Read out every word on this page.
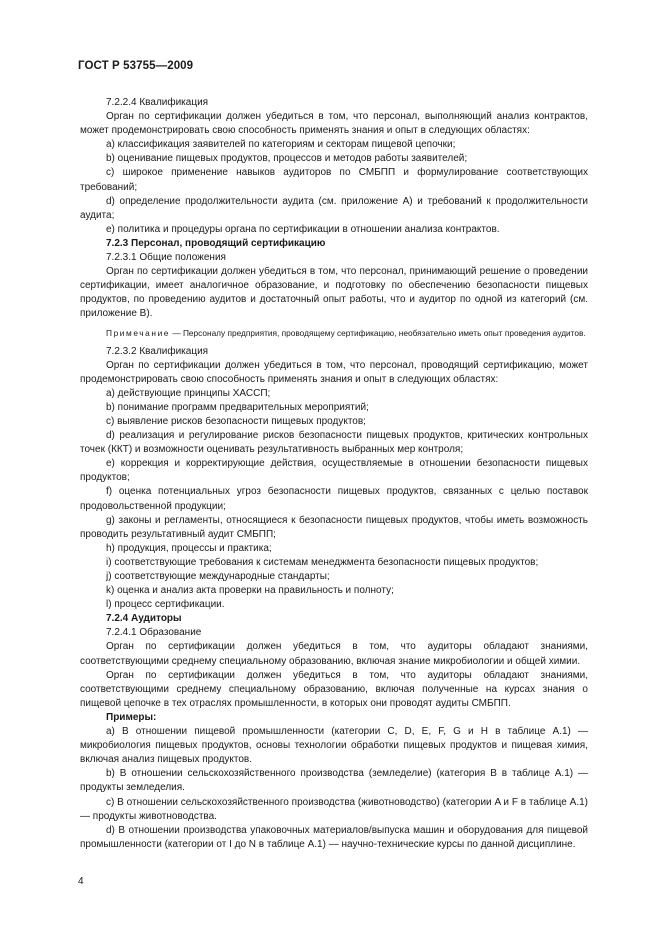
ГОСТ Р 53755—2009

7.2.2.4 Квалификация

Орган по сертификации должен убедиться в том, что персонал, выполняющий анализ контрактов, может продемонстрировать свою способность применять знания и опыт в следующих областях:

a) классификация заявителей по категориям и секторам пищевой цепочки;

b) оценивание пищевых продуктов, процессов и методов работы заявителей;

c) широкое применение навыков аудиторов по СМБПП и формулирование соответствующих требований;

d) определение продолжительности аудита (см. приложение А) и требований к продолжительности аудита;

e) политика и процедуры органа по сертификации в отношении анализа контрактов.

7.2.3 Персонал, проводящий сертификацию

7.2.3.1 Общие положения

Орган по сертификации должен убедиться в том, что персонал, принимающий решение о проведении сертификации, имеет аналогичное образование, и подготовку по обеспечению безопасности пищевых продуктов, по проведению аудитов и достаточный опыт работы, что и аудитор по одной из категорий (см. приложение В).

Примечание — Персоналу предприятия, проводящему сертификацию, необязательно иметь опыт проведения аудитов.

7.2.3.2 Квалификация

Орган по сертификации должен убедиться в том, что персонал, проводящий сертификацию, может продемонстрировать свою способность применять знания и опыт в следующих областях:

a) действующие принципы ХАССП;

b) понимание программ предварительных мероприятий;

c) выявление рисков безопасности пищевых продуктов;

d) реализация и регулирование рисков безопасности пищевых продуктов, критических контрольных точек (ККТ) и возможности оценивать результативность выбранных мер контроля;

e) коррекция и корректирующие действия, осуществляемые в отношении безопасности пищевых продуктов;

f) оценка потенциальных угроз безопасности пищевых продуктов, связанных с целью поставок продовольственной продукции;

g) законы и регламенты, относящиеся к безопасности пищевых продуктов, чтобы иметь возможность проводить результативный аудит СМБПП;

h) продукция, процессы и практика;

i) соответствующие требования к системам менеджмента безопасности пищевых продуктов;

j) соответствующие международные стандарты;

k) оценка и анализ акта проверки на правильность и полноту;

l) процесс сертификации.

7.2.4 Аудиторы

7.2.4.1 Образование

Орган по сертификации должен убедиться в том, что аудиторы обладают знаниями, соответствующими среднему специальному образованию, включая знание микробиологии и общей химии.

Орган по сертификации должен убедиться в том, что аудиторы обладают знаниями, соответствующими среднему специальному образованию, включая полученные на курсах знания о пищевой цепочке в тех отраслях промышленности, в которых они проводят аудиты СМБПП.

Примеры:

a) В отношении пищевой промышленности (категории C, D, E, F, G и H в таблице А.1) — микробиология пищевых продуктов, основы технологии обработки пищевых продуктов и пищевая химия, включая анализ пищевых продуктов.

b) В отношении сельскохозяйственного производства (земледелие) (категория В в таблице А.1) — продукты земледелия.

c) В отношении сельскохозяйственного производства (животноводство) (категории A и F в таблице А.1) — продукты животноводства.

d) В отношении производства упаковочных материалов/выпуска машин и оборудования для пищевой промышленности (категории от I до N в таблице А.1) — научно-технические курсы по данной дисциплине.

4
